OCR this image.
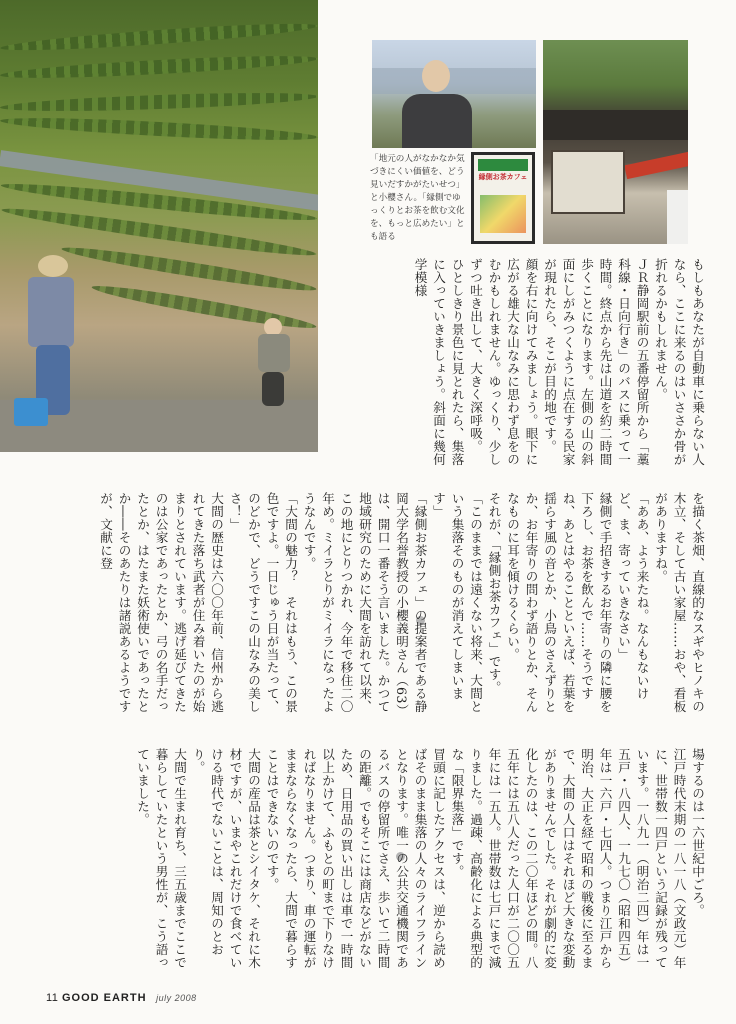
縁側お茶カフェ
「地元の人がなかなか気づきにくい価値を、どう見いだすかがたいせつ」と小櫻さん。「縁側でゆっくりとお茶を飲む文化を、もっと広めたい」とも語る

もしもあなたが自動車に乗らない人なら、ここに来るのはいささか骨が折れるかもしれません。

ＪＲ静岡駅前の五番停留所から「藁科線・日向行き」のバスに乗って一時間。終点から先は山道を約二時間歩くことになります。左側の山の斜面にしがみつくように点在する民家が現れたら、そこが目的地です。

顔を右に向けてみましょう。眼下に広がる雄大な山なみに思わず息をのむかもしれません。ゆっくり、少しずつ吐き出して、大きく深呼吸。

ひとしきり景色に見とれたら、集落に入っていきましょう。斜面に幾何学模様

を描く茶畑、直線的なスギやヒノキの木立、そして古い家屋……おや、看板がありますね。

「ああ、よう来たね。なんもないけど、ま、寄っていきなさい」

縁側で手招きするお年寄りの隣に腰を下ろし、お茶を飲んで……そうですね、あとはやることといえば、若葉を揺らす風の音とか、小鳥のさえずりとか、お年寄りの問わず語りとか、そんなものに耳を傾けるくらい。

それが、「縁側お茶カフェ」です。

「このままでは遠くない将来、大間という集落そのものが消えてしまいます」

「縁側お茶カフェ」の提案者である静岡大学名誉教授の小櫻義明さん（63）は、開口一番そう言いました。かつて地域研究のために大間を訪れて以来、この地にとりつかれ、今年で移住二〇年め。ミイラとりがミイラになったようなんです。

「大間の魅力？　それはもう、この景色ですよ。一日じゅう日が当たって、のどかで、どうですこの山なみの美しさ！」

大間の歴史は六〇〇年前、信州から逃れてきた落ち武者が住み着いたのが始まりとされています。逃げ延びてきたのは公家であったとか、弓の名手だったとか、はたまた妖術使いであったとか――そのあたりは諸説あるようですが、文献に登

場するのは一六世紀中ごろ。

江戸時代末期の一八一八（文政元）年に、世帯数一四戸という記録が残っています。一八九一（明治二四）年は一五戸・八四人、一九七〇（昭和四五）年は一六戸・七四人。つまり江戸から明治、大正を経て昭和の戦後に至るまで、大間の人口はそれほど大きな変動がありませんでした。それが劇的に変化したのは、この二〇年ほどの間。八五年には五八人だった人口が二〇〇五年には一五人。世帯数は七戸にまで減りました。過疎、高齢化による典型的な「限界集落」です。

冒頭に記したアクセスは、逆から読めばそのまま集落の人々のライフラインとなります。唯一の公共交通機関であるバスの停留所でさえ、歩いて二時間の距離。でもそこには商店などがないため、日用品の買い出しは車で一時間以上かけて、ふもとの町まで下りなければなりません。つまり、車の運転がままならなくなったら、大間で暮らすことはできないのです。

大間の産品は茶とシイタケ、それに木材ですが、いまやこれだけで食べていける時代でないことは、周知のとおり。

大間で生まれ育ち、三五歳までここで暮らしていたという男性が、こう語っていました。

11 GOOD EARTH july 2008
